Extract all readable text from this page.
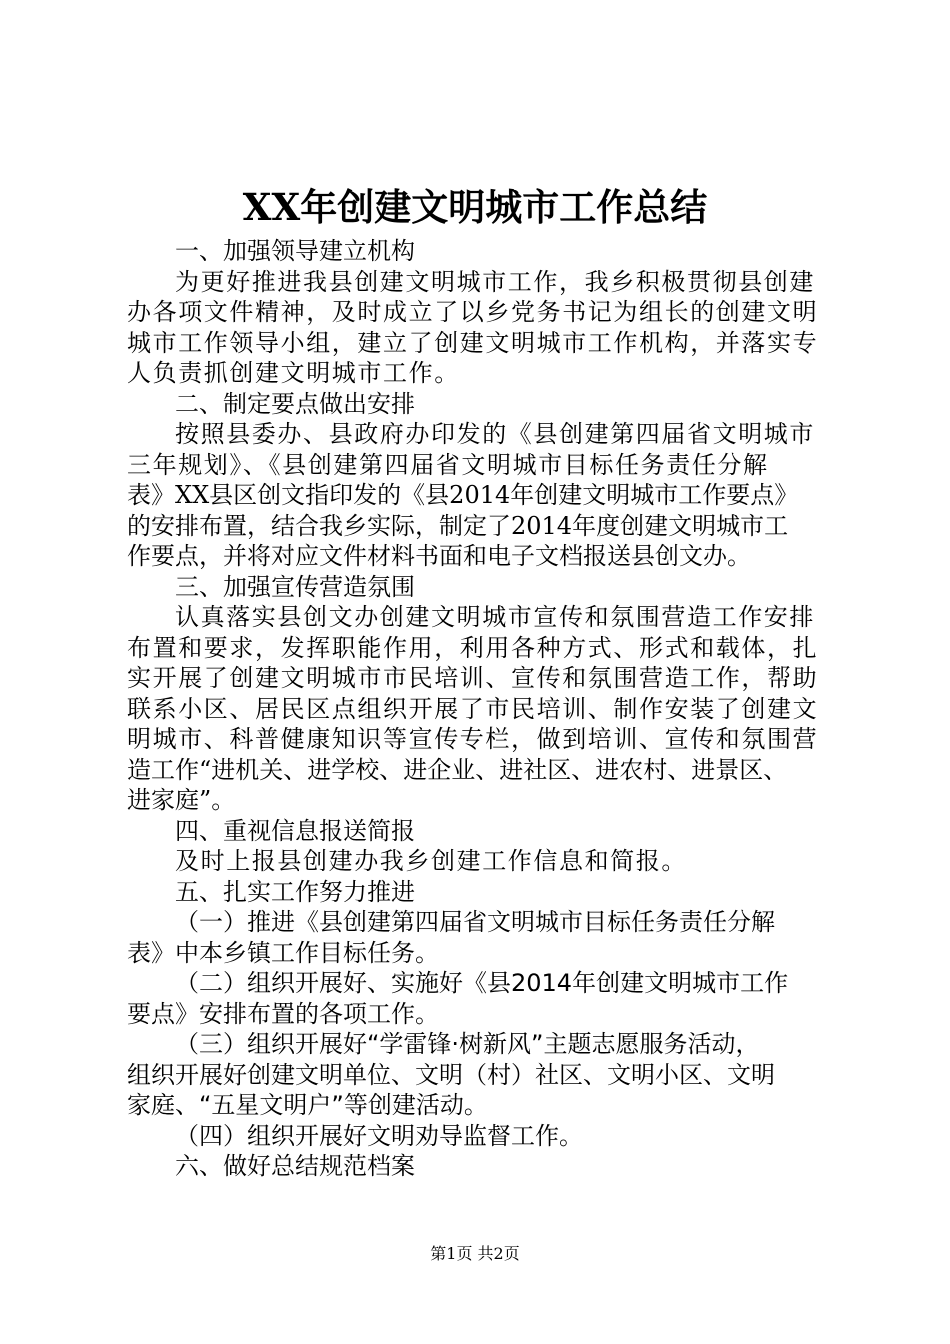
XX年创建文明城市工作总结

一、加强领导建立机构

为更好推进我县创建文明城市工作，我乡积极贯彻县创建

办各项文件精神，及时成立了以乡党务书记为组长的创建文明

城市工作领导小组，建立了创建文明城市工作机构，并落实专

人负责抓创建文明城市工作。

二、制定要点做出安排

按照县委办、县政府办印发的《县创建第四届省文明城市

三年规划》、《县创建第四届省文明城市目标任务责任分解

表》XX县区创文指印发的《县2014年创建文明城市工作要点》

的安排布置，结合我乡实际，制定了2014年度创建文明城市工

作要点，并将对应文件材料书面和电子文档报送县创文办。

三、加强宣传营造氛围

认真落实县创文办创建文明城市宣传和氛围营造工作安排

布置和要求，发挥职能作用，利用各种方式、形式和载体，扎

实开展了创建文明城市市民培训、宣传和氛围营造工作，帮助

联系小区、居民区点组织开展了市民培训、制作安装了创建文

明城市、科普健康知识等宣传专栏，做到培训、宣传和氛围营

造工作“进机关、进学校、进企业、进社区、进农村、进景区、

进家庭”。

四、重视信息报送简报

及时上报县创建办我乡创建工作信息和简报。

五、扎实工作努力推进

（一）推进《县创建第四届省文明城市目标任务责任分解

表》中本乡镇工作目标任务。

（二）组织开展好、实施好《县2014年创建文明城市工作

要点》安排布置的各项工作。

（三）组织开展好“学雷锋·树新风”主题志愿服务活动，

组织开展好创建文明单位、文明（村）社区、文明小区、文明

家庭、“五星文明户”等创建活动。

（四）组织开展好文明劝导监督工作。

六、做好总结规范档案

第1页 共2页
